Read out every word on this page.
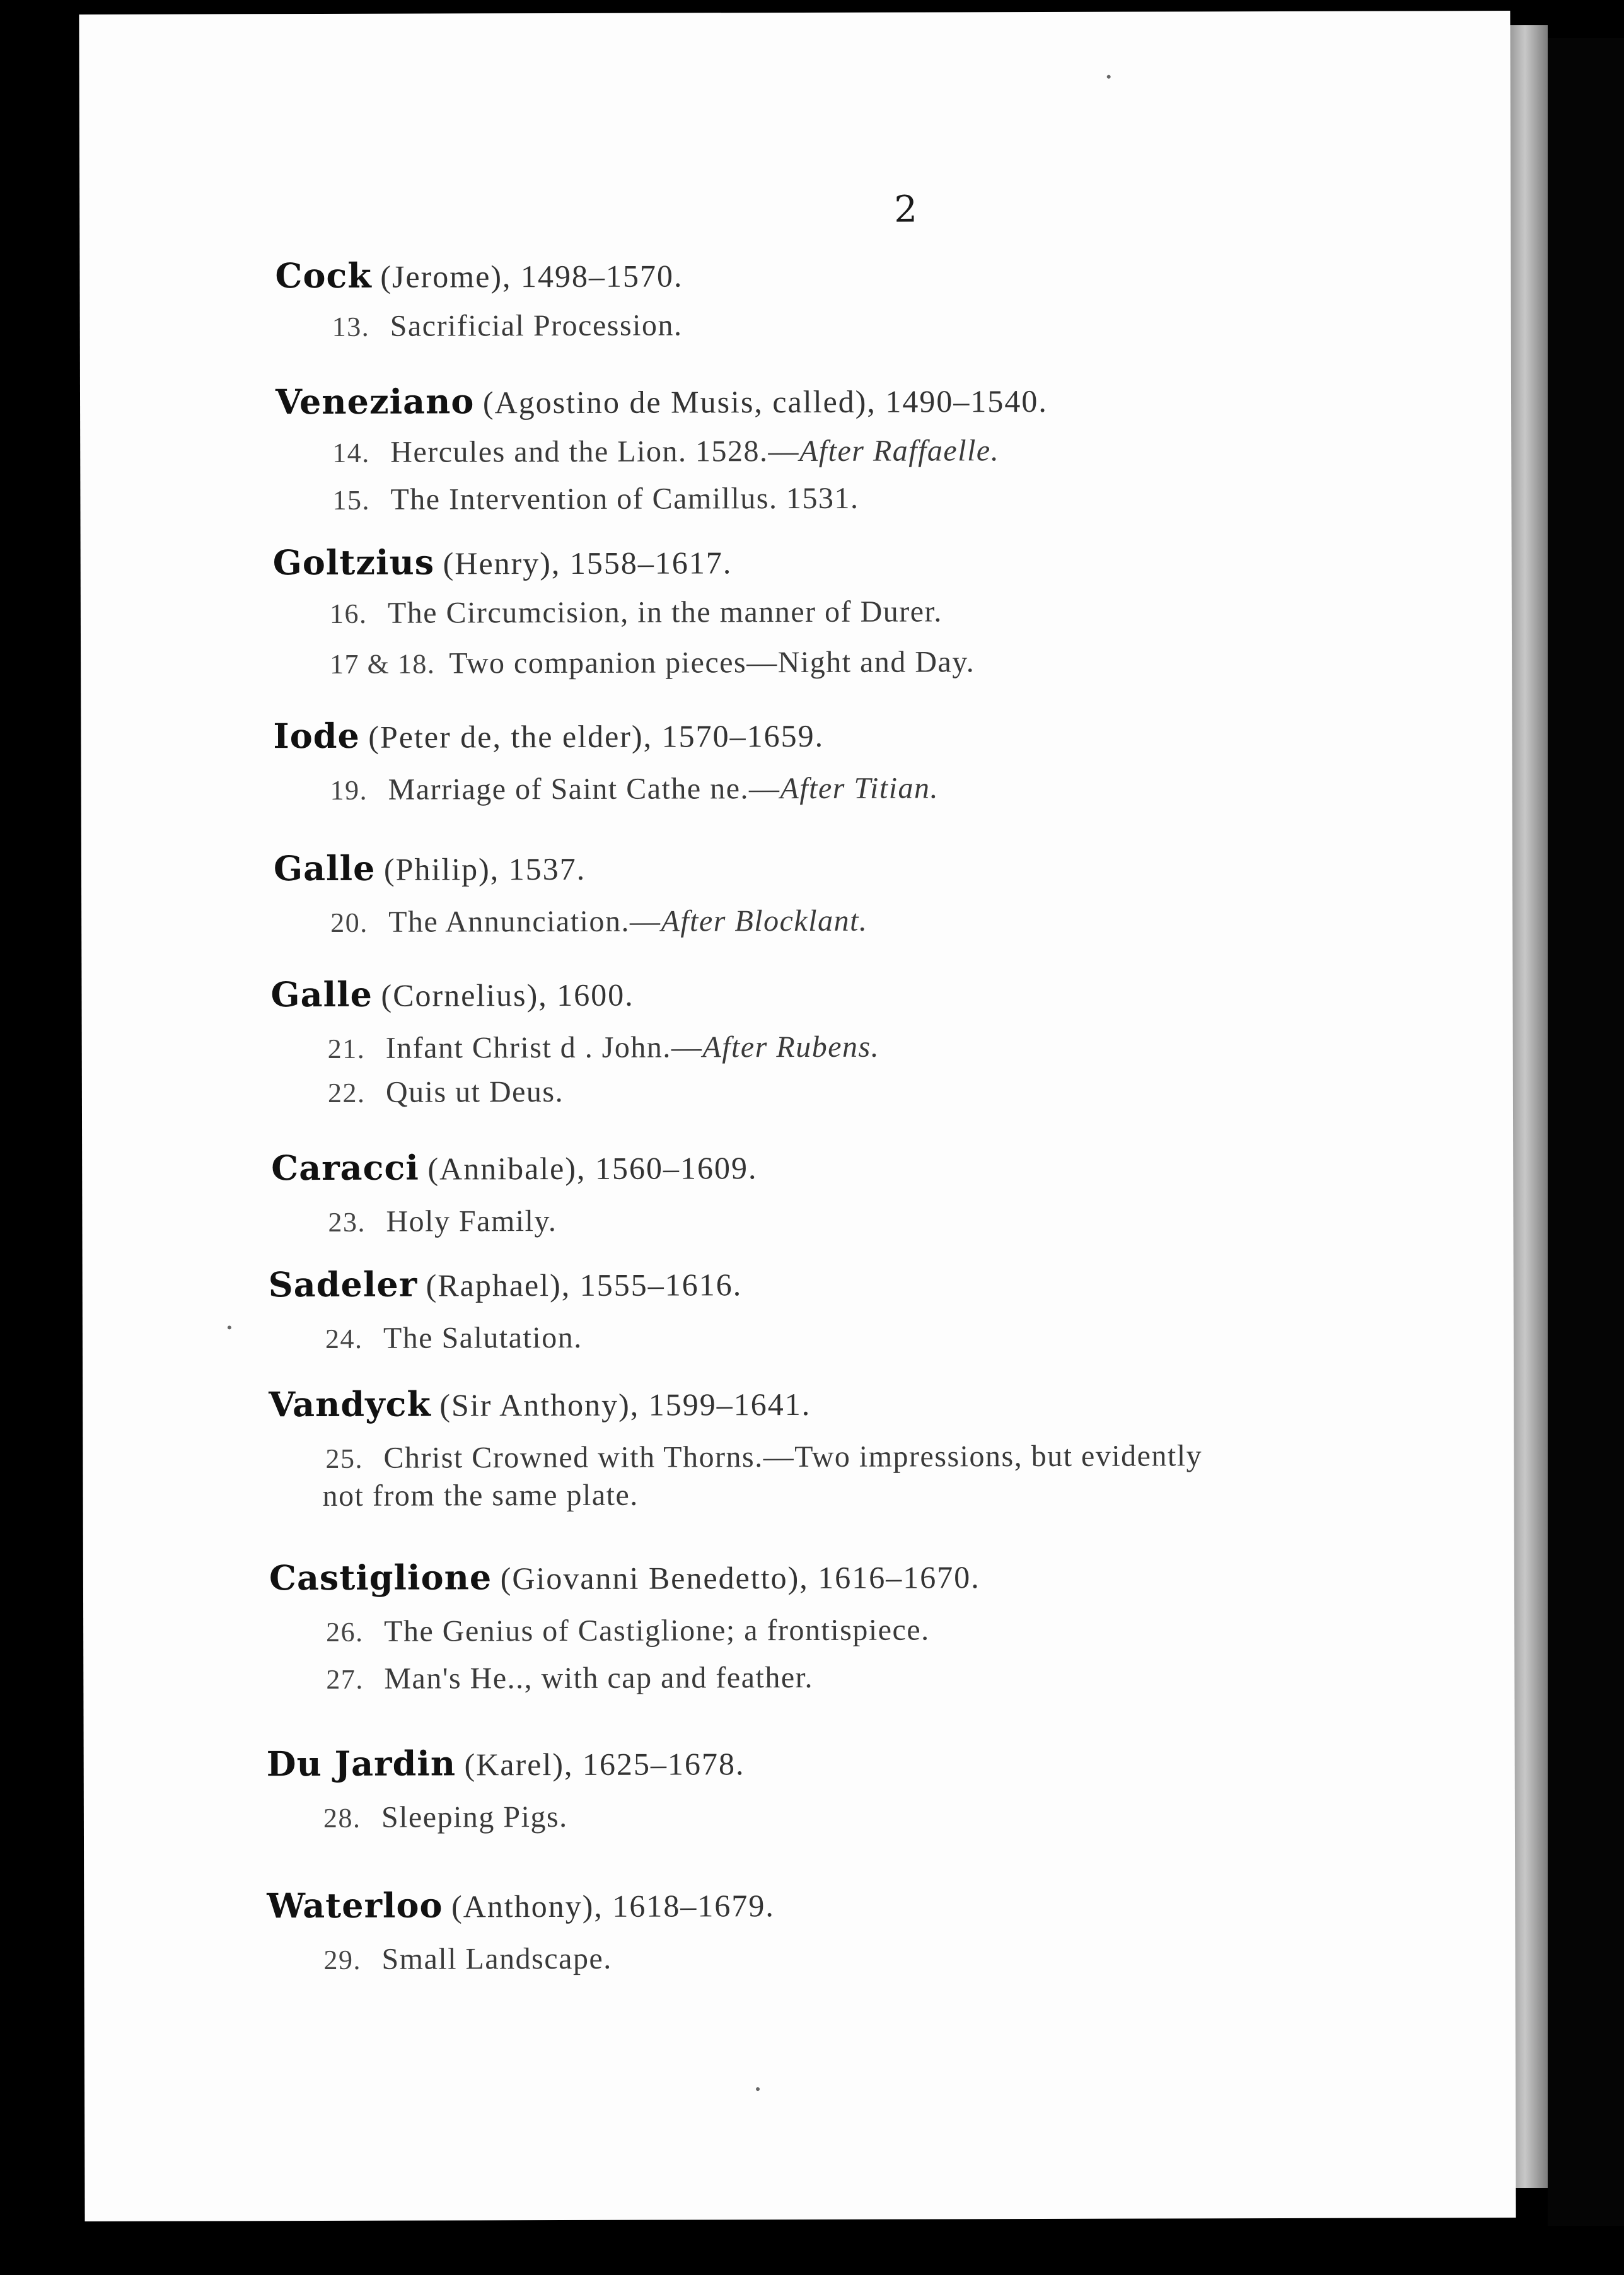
2
Cock (Jerome), 1498–1570.
13. Sacrificial Procession.
Veneziano (Agostino de Musis, called), 1490–1540.
14. Hercules and the Lion. 1528.—After Raffaelle.
15. The Intervention of Camillus. 1531.
Goltzius (Henry), 1558–1617.
16. The Circumcision, in the manner of Durer.
17 & 18. Two companion pieces—Night and Day.
Iode (Peter de, the elder), 1570–1659.
19. Marriage of Saint Cathe ne.—After Titian.
Galle (Philip), 1537.
20. The Annunciation.—After Blocklant.
Galle (Cornelius), 1600.
21. Infant Christ d . John.—After Rubens.
22. Quis ut Deus.
Caracci (Annibale), 1560–1609.
23. Holy Family.
Sadeler (Raphael), 1555–1616.
24. The Salutation.
Vandyck (Sir Anthony), 1599–1641.
25. Christ Crowned with Thorns.—Two impressions, but evidently
not from the same plate.
Castiglione (Giovanni Benedetto), 1616–1670.
26. The Genius of Castiglione; a frontispiece.
27. Man's He.., with cap and feather.
Du Jardin (Karel), 1625–1678.
28. Sleeping Pigs.
Waterloo (Anthony), 1618–1679.
29. Small Landscape.
